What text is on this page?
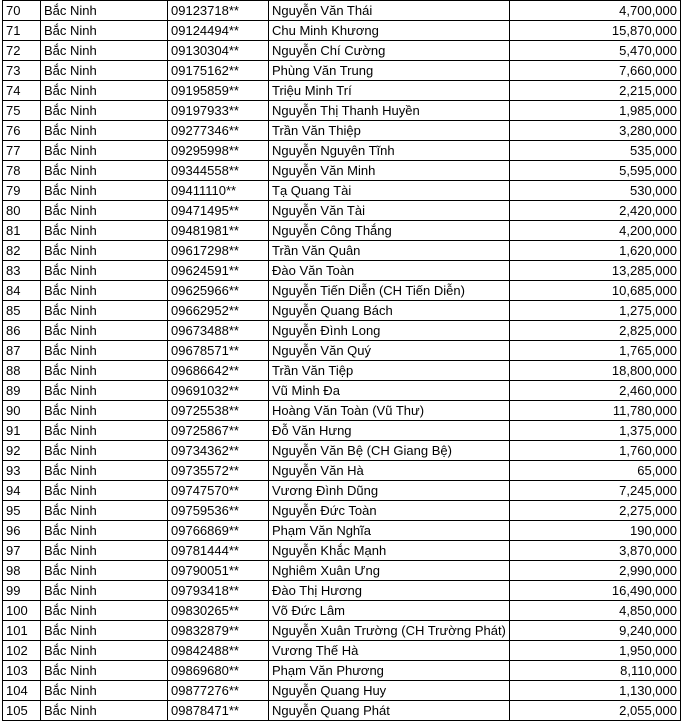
70	Bắc Ninh	09123718**	Nguyễn Văn Thái	4,700,000
71	Bắc Ninh	09124494**	Chu Minh Khương	15,870,000
72	Bắc Ninh	09130304**	Nguyễn Chí Cường	5,470,000
73	Bắc Ninh	09175162**	Phùng Văn Trung	7,660,000
74	Bắc Ninh	09195859**	Triệu Minh Trí	2,215,000
75	Bắc Ninh	09197933**	Nguyễn Thị Thanh Huyền	1,985,000
76	Bắc Ninh	09277346**	Trần Văn Thiệp	3,280,000
77	Bắc Ninh	09295998**	Nguyễn Nguyên Tĩnh	535,000
78	Bắc Ninh	09344558**	Nguyễn Văn Minh	5,595,000
79	Bắc Ninh	09411110**	Tạ Quang Tài	530,000
80	Bắc Ninh	09471495**	Nguyễn Văn Tài	2,420,000
81	Bắc Ninh	09481981**	Nguyễn Công Thắng	4,200,000
82	Bắc Ninh	09617298**	Trần Văn Quân	1,620,000
83	Bắc Ninh	09624591**	Đào Văn Toàn	13,285,000
84	Bắc Ninh	09625966**	Nguyễn Tiến Diễn (CH Tiến Diễn)	10,685,000
85	Bắc Ninh	09662952**	Nguyễn Quang Bách	1,275,000
86	Bắc Ninh	09673488**	Nguyễn Đình Long	2,825,000
87	Bắc Ninh	09678571**	Nguyễn Văn Quý	1,765,000
88	Bắc Ninh	09686642**	Trần Văn Tiệp	18,800,000
89	Bắc Ninh	09691032**	Vũ Minh Đa	2,460,000
90	Bắc Ninh	09725538**	Hoàng Văn Toàn (Vũ Thư)	11,780,000
91	Bắc Ninh	09725867**	Đỗ Văn Hưng	1,375,000
92	Bắc Ninh	09734362**	Nguyễn Văn Bệ (CH Giang Bệ)	1,760,000
93	Bắc Ninh	09735572**	Nguyễn Văn Hà	65,000
94	Bắc Ninh	09747570**	Vương Đình Dũng	7,245,000
95	Bắc Ninh	09759536**	Nguyễn Đức Toàn	2,275,000
96	Bắc Ninh	09766869**	Phạm Văn Nghĩa	190,000
97	Bắc Ninh	09781444**	Nguyễn Khắc Mạnh	3,870,000
98	Bắc Ninh	09790051**	Nghiêm Xuân Ưng	2,990,000
99	Bắc Ninh	09793418**	Đào Thị Hương	16,490,000
100	Bắc Ninh	09830265**	Võ Đức Lâm	4,850,000
101	Bắc Ninh	09832879**	Nguyễn Xuân Trường (CH Trường Phát)	9,240,000
102	Bắc Ninh	09842488**	Vương Thế Hà	1,950,000
103	Bắc Ninh	09869680**	Phạm Văn Phương	8,110,000
104	Bắc Ninh	09877276**	Nguyễn Quang Huy	1,130,000
105	Bắc Ninh	09878471**	Nguyễn Quang Phát	2,055,000
